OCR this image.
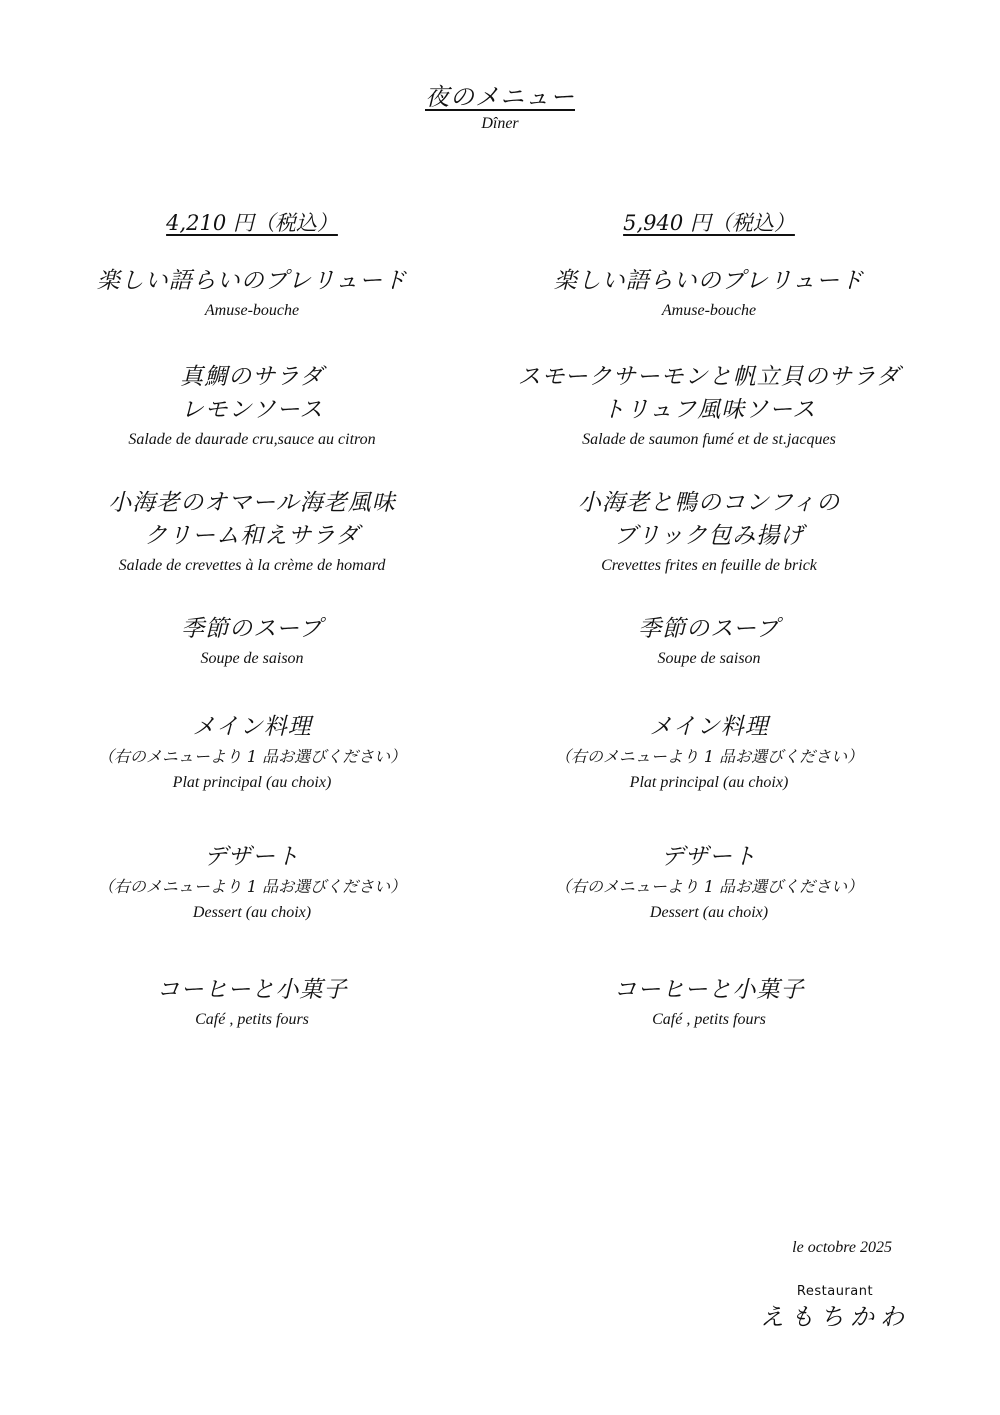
夜のメニュー
Dîner
4,210 円（税込）
楽しい語らいのプレリュード
Amuse-bouche
真鯛のサラダ
レモンソース
Salade de daurade cru,sauce au citron
小海老のオマール海老風味
クリーム和えサラダ
Salade de crevettes à la crème de homard
季節のスープ
Soupe de saison
メイン料理
（右のメニューより 1 品お選びください）
Plat principal (au choix)
デザート
（右のメニューより 1 品お選びください）
Dessert (au choix)
コーヒーと小菓子
Café , petits fours
5,940 円（税込）
楽しい語らいのプレリュード
Amuse-bouche
スモークサーモンと帆立貝のサラダ
トリュフ風味ソース
Salade de saumon fumé et de st.jacques
小海老と鴨のコンフィの
ブリック包み揚げ
Crevettes frites en feuille de brick
季節のスープ
Soupe de saison
メイン料理
（右のメニューより 1 品お選びください）
Plat principal (au choix)
デザート
（右のメニューより 1 品お選びください）
Dessert (au choix)
コーヒーと小菓子
Café , petits fours
le octobre 2025
Restaurant
えもちかわ
